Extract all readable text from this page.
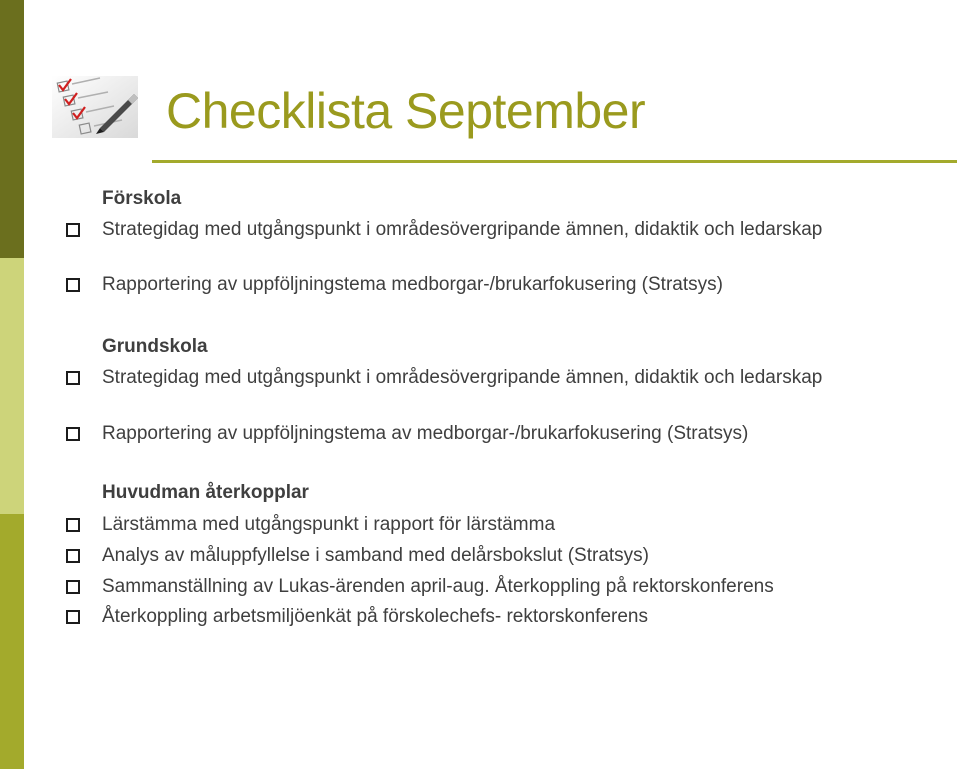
Checklista September
Förskola
Strategidag med utgångspunkt i områdesövergripande ämnen, didaktik och ledarskap
Rapportering av uppföljningstema medborgar-/brukarfokusering (Stratsys)
Grundskola
Strategidag med utgångspunkt i områdesövergripande ämnen, didaktik och ledarskap
Rapportering av uppföljningstema av medborgar-/brukarfokusering (Stratsys)
Huvudman återkopplar
Lärstämma med utgångspunkt i rapport för lärstämma
Analys av måluppfyllelse i samband med delårsbokslut (Stratsys)
Sammanställning av Lukas-ärenden april-aug. Återkoppling på rektorskonferens
Återkoppling arbetsmiljöenkät på förskolechefs- rektorskonferens
